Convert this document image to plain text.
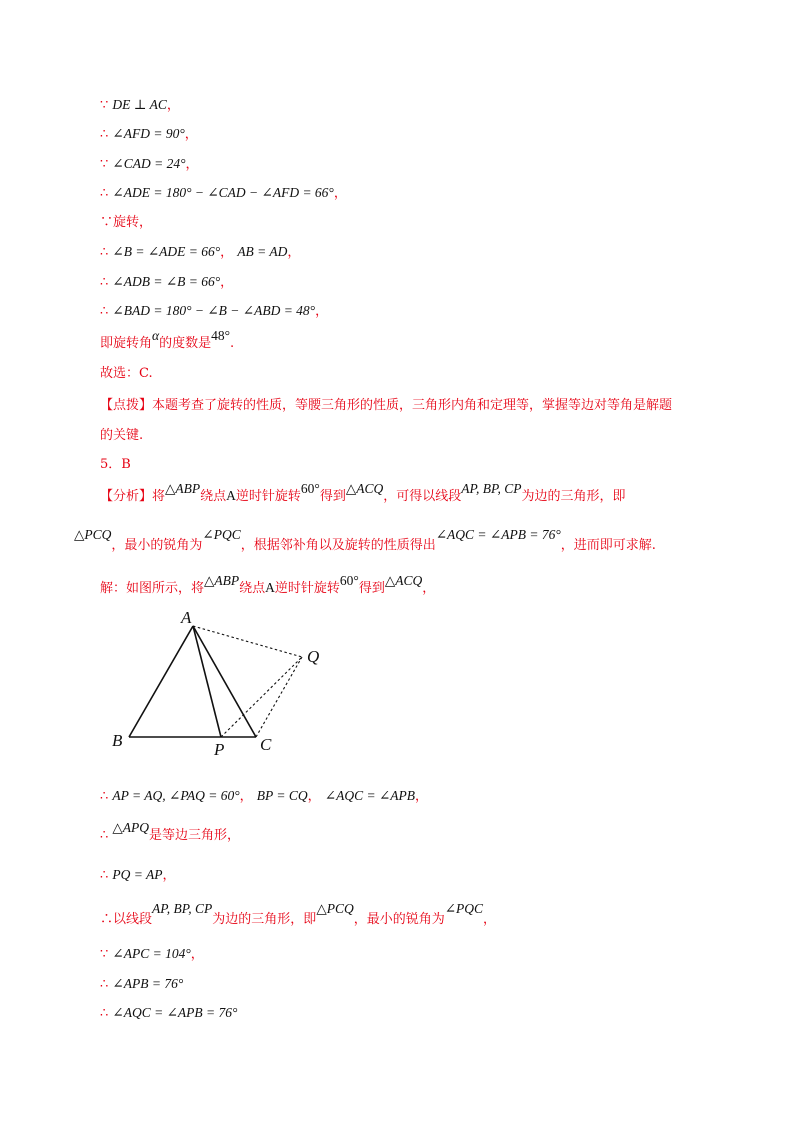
∵ DE ⊥ AC，
∴ ∠AFD = 90°，
∵ ∠CAD = 24°，
∴ ∠ADE = 180° − ∠CAD − ∠AFD = 66°，
∵旋转，
∴ ∠B = ∠ADE = 66°， AB = AD，
∴ ∠ADB = ∠B = 66°，
∴ ∠BAD = 180° − ∠B − ∠ABD = 48°，
即旋转角α的度数是48°.
故选：C.
【点拨】本题考查了旋转的性质，等腰三角形的性质，三角形内角和定理等，掌握等边对等角是解题
的关键.
5．B
【分析】将△ABP绕点A逆时针旋转60°得到△ACQ，可得以线段AP, BP, CP为边的三角形，即
△PCQ，最小的锐角为∠PQC，根据邻补角以及旋转的性质得出∠AQC = ∠APB = 76°，进而即可求解.
解：如图所示，将△ABP绕点A逆时针旋转60°得到△ACQ，
A
B	C
P
Q
∴ AP = AQ, ∠PAQ = 60°， BP = CQ， ∠AQC = ∠APB，
∴ △APQ是等边三角形，
∴ PQ = AP，
∴以线段AP, BP, CP为边的三角形，即△PCQ，最小的锐角为∠PQC，
∵ ∠APC = 104°，
∴ ∠APB = 76°
∴ ∠AQC = ∠APB = 76°
